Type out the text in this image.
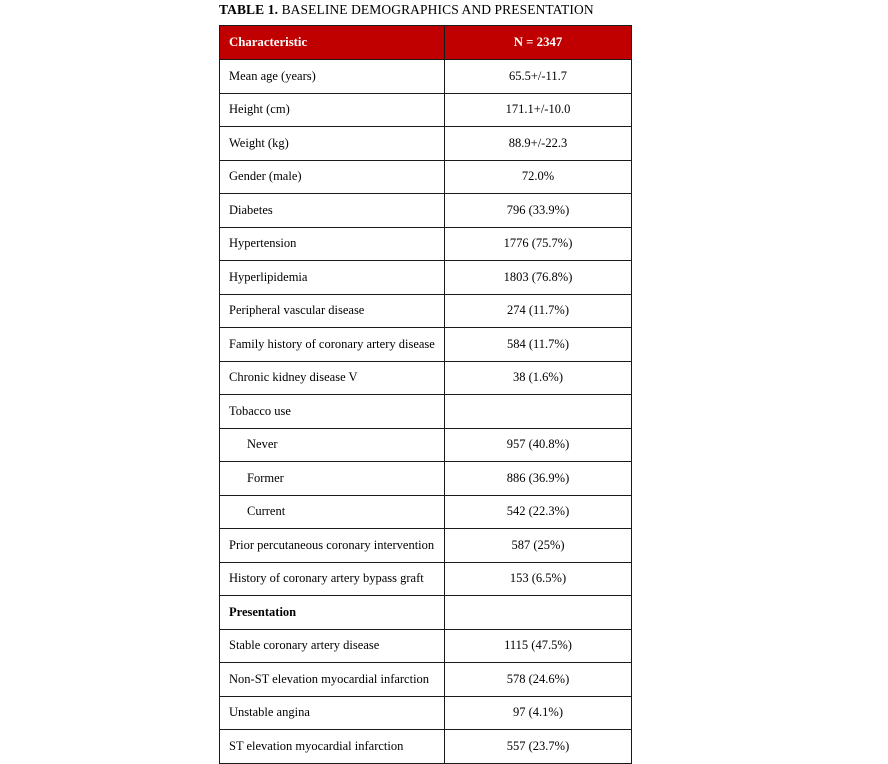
TABLE 1. BASELINE DEMOGRAPHICS AND PRESENTATION
Characteristic	N = 2347
Mean age (years)	65.5+/-11.7
Height (cm)	171.1+/-10.0
Weight (kg)	88.9+/-22.3
Gender (male)	72.0%
Diabetes	796 (33.9%)
Hypertension	1776 (75.7%)
Hyperlipidemia	1803 (76.8%)
Peripheral vascular disease	274 (11.7%)
Family history of coronary artery disease	584 (11.7%)
Chronic kidney disease V	38 (1.6%)
Tobacco use	
Never	957 (40.8%)
Former	886 (36.9%)
Current	542 (22.3%)
Prior percutaneous coronary intervention	587 (25%)
History of coronary artery bypass graft	153 (6.5%)
Presentation	
Stable coronary artery disease	1115 (47.5%)
Non-ST elevation myocardial infarction	578 (24.6%)
Unstable angina	97 (4.1%)
ST elevation myocardial infarction	557 (23.7%)
